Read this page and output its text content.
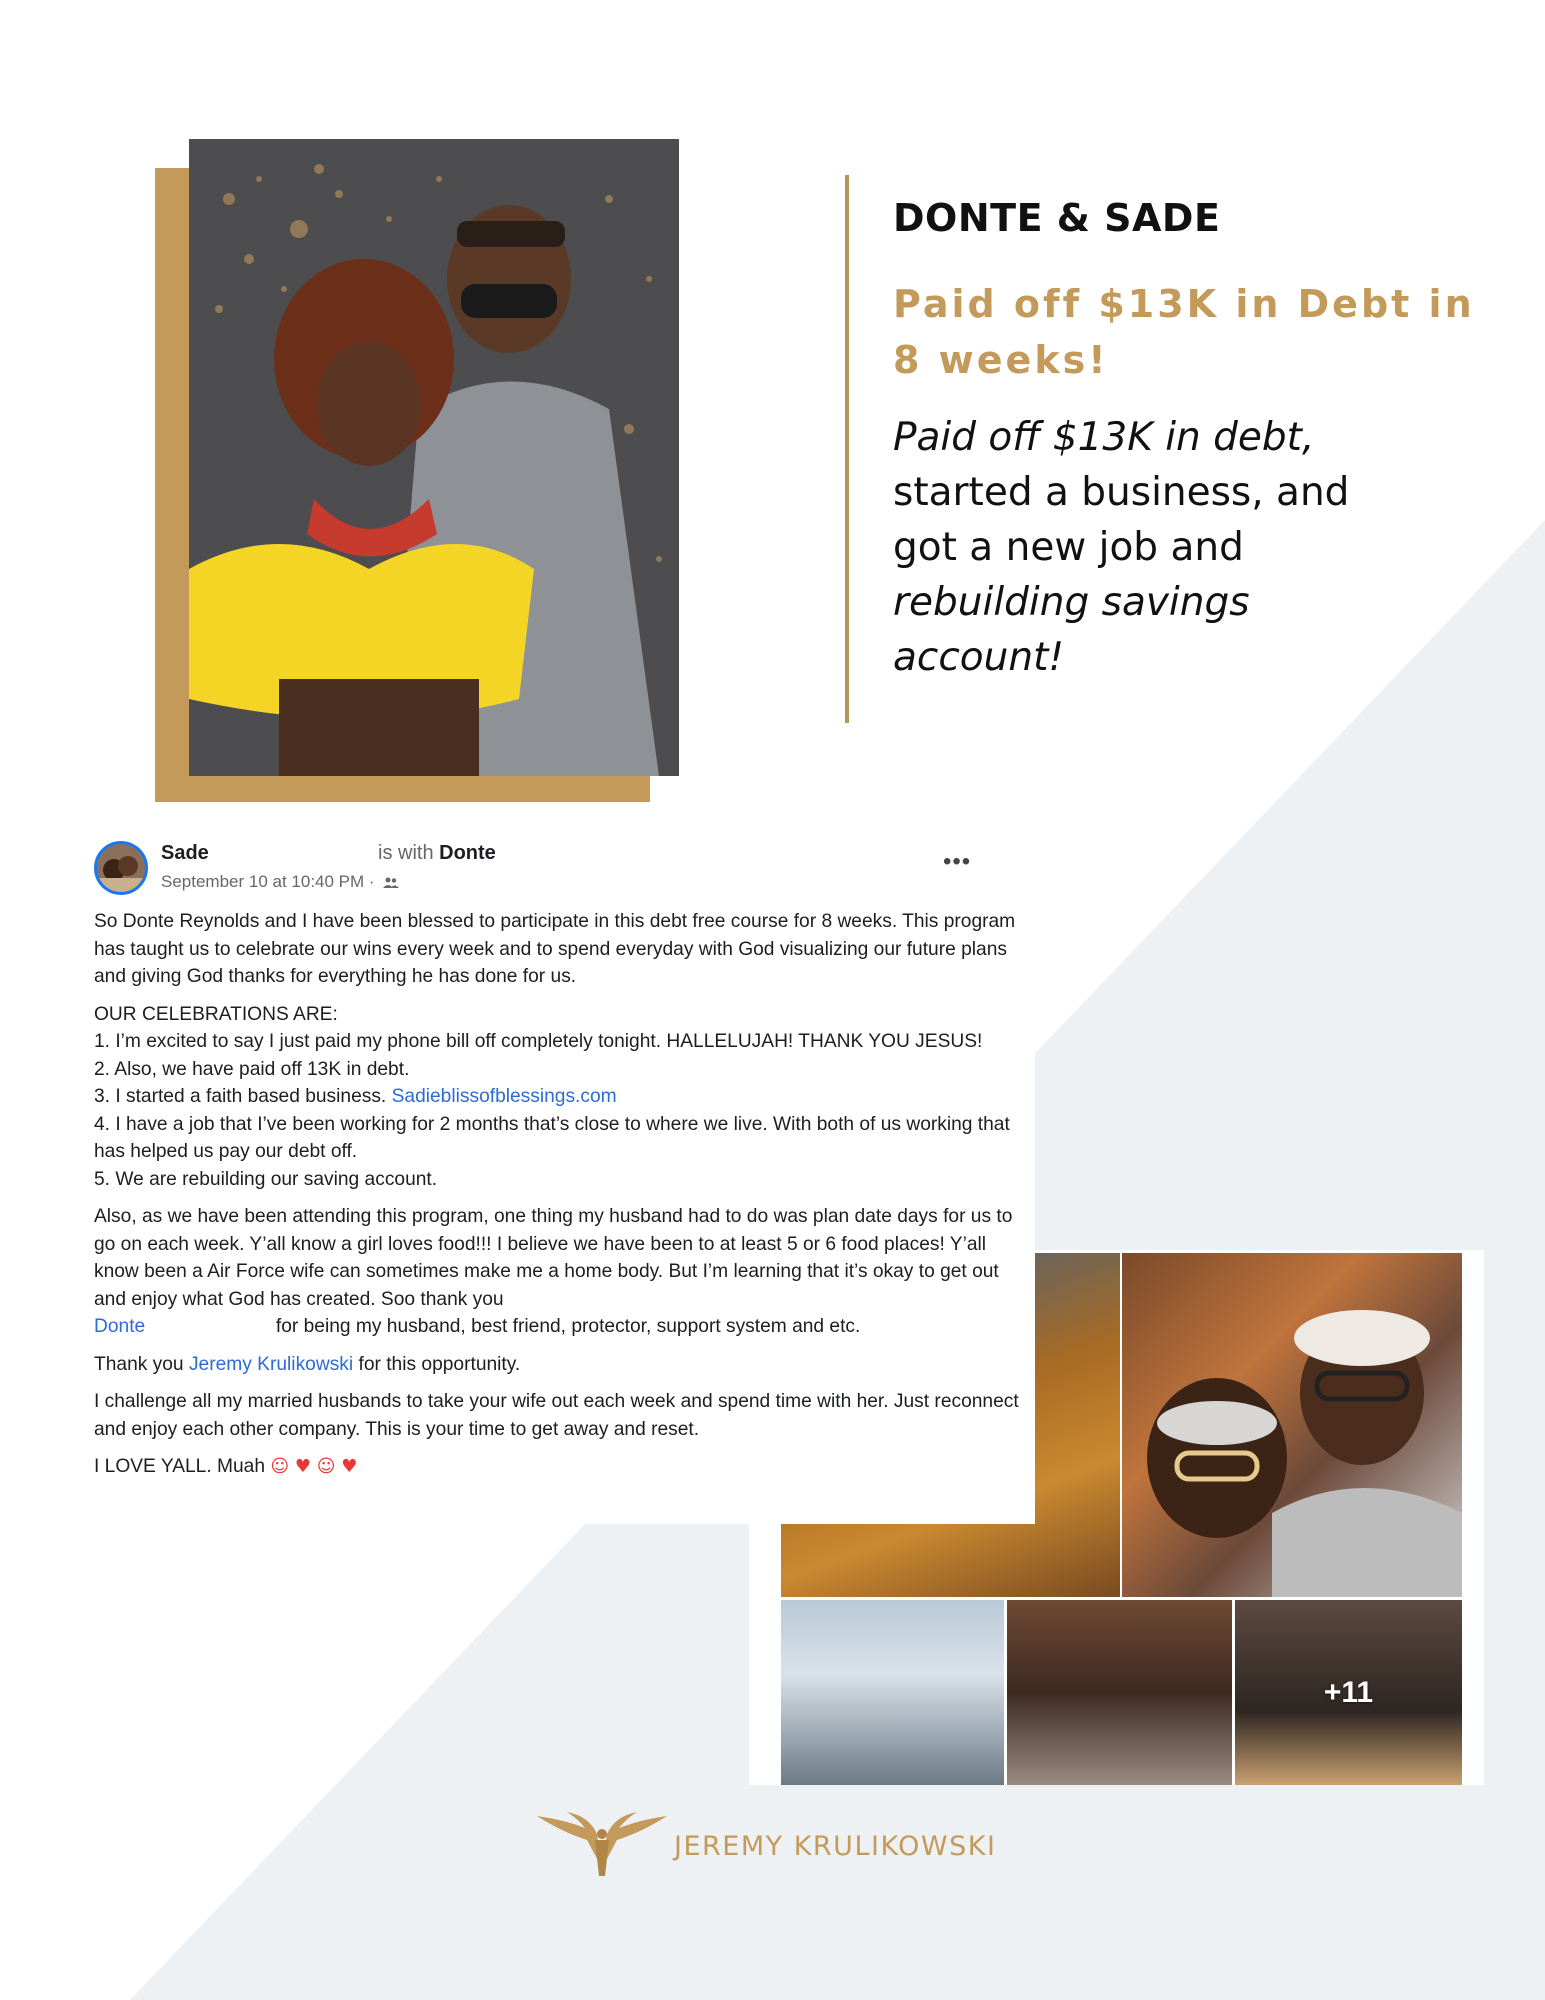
DONTE & SADE
Paid off $13K in Debt in
8 weeks!
Paid off $13K in debt,
started a business, and
got a new job and
rebuilding savings
account!
+11
Sade	is with Donte
September 10 at 10:40 PM ·
•••

So Donte Reynolds and I have been blessed to participate in this debt free course for 8 weeks. This program has taught us to celebrate our wins every week and to spend everyday with God visualizing our future plans and giving God thanks for everything he has done for us.

OUR CELEBRATIONS ARE:
1. I’m excited to say I just paid my phone bill off completely tonight. HALLELUJAH! THANK YOU JESUS!
2. Also, we have paid off 13K in debt.
3. I started a faith based business. Sadieblissofblessings.com
4. I have a job that I’ve been working for 2 months that’s close to where we live. With both of us working that has helped us pay our debt off.
5. We are rebuilding our saving account.

Also, as we have been attending this program, one thing my husband had to do was plan date days for us to go on each week. Y’all know a girl loves food!!! I believe we have been to at least 5 or 6 food places! Y’all know been a Air Force wife can sometimes make me a home body. But I’m learning that it’s okay to get out and enjoy what God has created. Soo thank you
Donte	for being my husband, best friend, protector, support system and etc.

Thank you Jeremy Krulikowski for this opportunity.

I challenge all my married husbands to take your wife out each week and spend time with her. Just reconnect and enjoy each other company. This is your time to get away and reset.

I LOVE YALL. Muah ☺ ♥ ☺ ♥

JEREMY KRULIKOWSKI
